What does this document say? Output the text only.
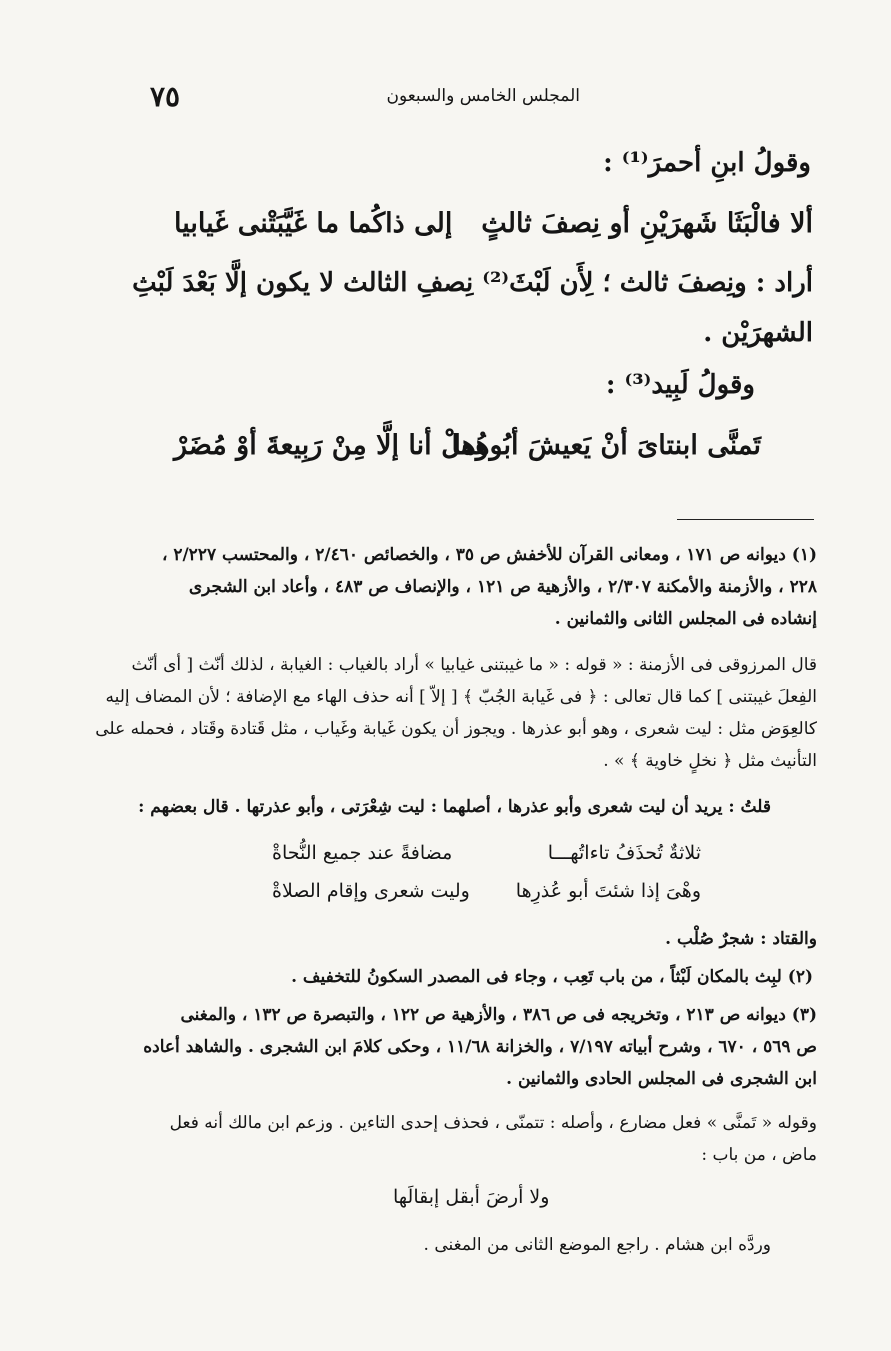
٧٥	المجلس الخامس والسبعون
وقولُ ابنِ أحمرَ⁽¹⁾ :
ألا فالْبَثَا شَهرَيْنِ أو نِصفَ ثالثٍ
إلى ذاكُما ما غَيَّبَتْنى غَيابيا
أراد : ونِصفَ ثالث ؛ لِأَن لَبْثَ⁽²⁾ نِصفِ الثالث لا يكون إلَّا بَعْدَ لَبْثِ
الشهرَيْن .
وقولُ لَبِيد⁽³⁾ :
تَمنَّى ابنتاىَ أنْ يَعيشَ أبُوهُما
وهلْ أنا إلَّا مِنْ رَبِيعةَ أوْ مُضَرْ
(١) ديوانه ص ١٧١ ، ومعانى القرآن للأخفش ص ٣٥ ، والخصائص ٢/٤٦٠ ، والمحتسب ٢/٢٢٧ ،
٢٢٨ ، والأزمنة والأمكنة ٢/٣٠٧ ، والأزهية ص ١٢١ ، والإنصاف ص ٤٨٣ ، وأعاد ابن الشجرى
إنشاده فى المجلس الثانى والثمانين .
قال المرزوقى فى الأزمنة : « قوله : « ما غيبتنى غيابيا » أراد بالغياب : الغيابة ، لذلك أنّث [ أى أنّث
الفِعلَ غيبتنى ] كما قال تعالى : ﴿ فى غَيابة الجُبّ ﴾ [ إلاّ ] أنه حذف الهاء مع الإضافة ؛ لأن المضاف إليه
كالعِوَض مثل : ليت شعرى ، وهو أبو عذرها . ويجوز أن يكون غَيابة وغَياب ، مثل قَتادة وقَتاد ، فحمله على
التأنيث مثل ﴿ نخلٍ خاوية ﴾ » .
قلتُ : يريد أن ليت شعرى وأبو عذرها ، أصلهما : ليت شِعْرَتى ، وأبو عذرتها . قال بعضهم :
ثلاثةٌ تُحذَفُ تاءاتُهـــا
مضافةً عند جميع النُّحاةْ
وهْىَ إذا شئتَ أبو عُذرِها
وليت شعرى وإقام الصلاةْ
والقتاد : شجرٌ صُلْب .
(٢) لبِث بالمكان لَبْثاً ، من باب تَعِب ، وجاء فى المصدر السكونُ للتخفيف .
(٣) ديوانه ص ٢١٣ ، وتخريجه فى ص ٣٨٦ ، والأزهية ص ١٢٢ ، والتبصرة ص ١٣٢ ، والمغنى
ص ٥٦٩ ، ٦٧٠ ، وشرح أبياته ٧/١٩٧ ، والخزانة ١١/٦٨ ، وحكى كلامَ ابن الشجرى . والشاهد أعاده
ابن الشجرى فى المجلس الحادى والثمانين .
وقوله « تَمنَّى » فعل مضارع ، وأصله : تتمنّى ، فحذف إحدى التاءين . وزعم ابن مالك أنه فعل
ماض ، من باب :
ولا أرضَ أبقل إبقالَها
وردَّه ابن هشام . راجع الموضع الثانى من المغنى .
